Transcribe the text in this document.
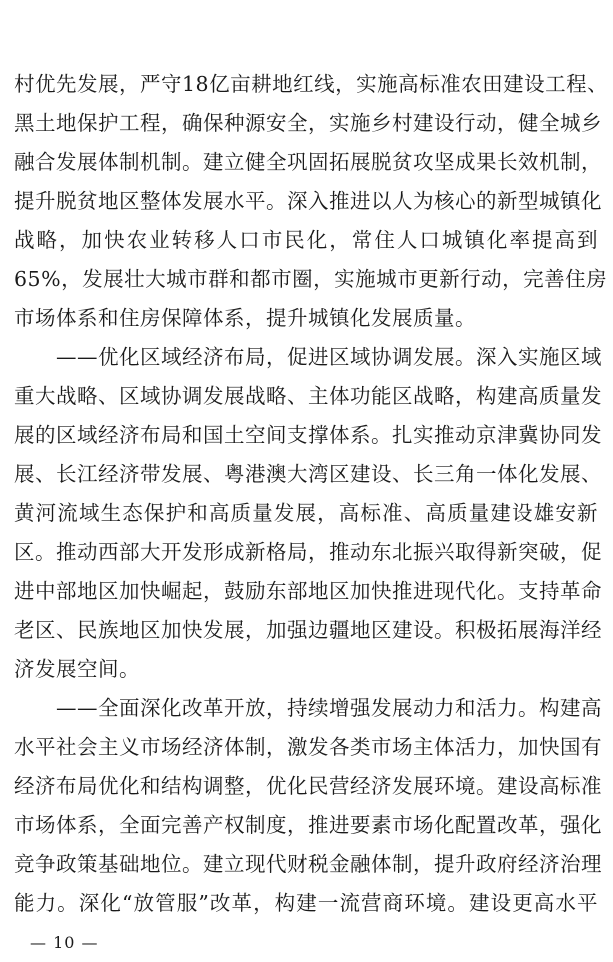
村优先发展，严守18亿亩耕地红线，实施高标准农田建设工程、
黑土地保护工程，确保种源安全，实施乡村建设行动，健全城乡
融合发展体制机制。建立健全巩固拓展脱贫攻坚成果长效机制，
提升脱贫地区整体发展水平。深入推进以人为核心的新型城镇化
战略，加快农业转移人口市民化，常住人口城镇化率提高到
65%，发展壮大城市群和都市圈，实施城市更新行动，完善住房
市场体系和住房保障体系，提升城镇化发展质量。
　　——优化区域经济布局，促进区域协调发展。深入实施区域
重大战略、区域协调发展战略、主体功能区战略，构建高质量发
展的区域经济布局和国土空间支撑体系。扎实推动京津冀协同发
展、长江经济带发展、粤港澳大湾区建设、长三角一体化发展、
黄河流域生态保护和高质量发展，高标准、高质量建设雄安新
区。推动西部大开发形成新格局，推动东北振兴取得新突破，促
进中部地区加快崛起，鼓励东部地区加快推进现代化。支持革命
老区、民族地区加快发展，加强边疆地区建设。积极拓展海洋经
济发展空间。
　　——全面深化改革开放，持续增强发展动力和活力。构建高
水平社会主义市场经济体制，激发各类市场主体活力，加快国有
经济布局优化和结构调整，优化民营经济发展环境。建设高标准
市场体系，全面完善产权制度，推进要素市场化配置改革，强化
竞争政策基础地位。建立现代财税金融体制，提升政府经济治理
能力。深化“放管服”改革，构建一流营商环境。建设更高水平
— 10 —
